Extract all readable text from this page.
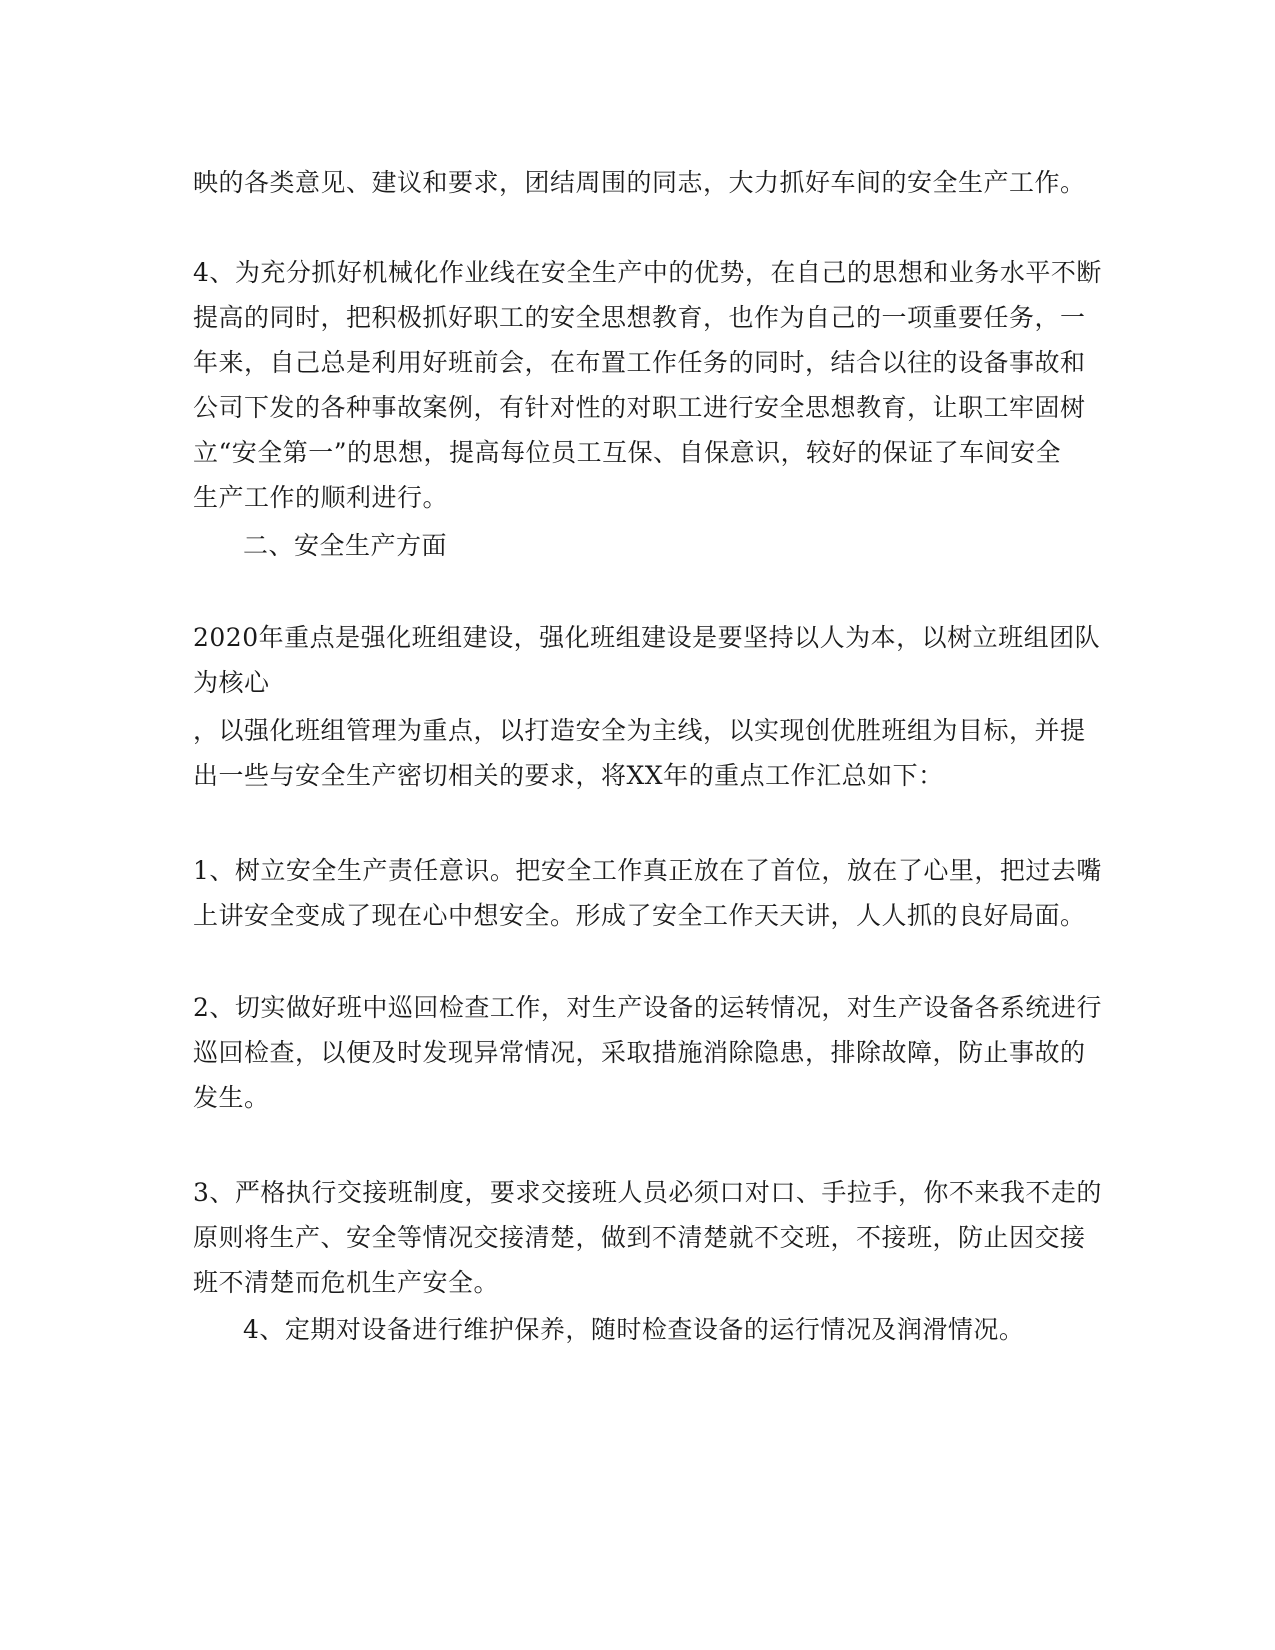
映的各类意见、建议和要求，团结周围的同志，大力抓好车间的安全生产工作。
4、为充分抓好机械化作业线在安全生产中的优势，在自己的思想和业务水平不断
提高的同时，把积极抓好职工的安全思想教育，也作为自己的一项重要任务，一
年来，自己总是利用好班前会，在布置工作任务的同时，结合以往的设备事故和
公司下发的各种事故案例，有针对性的对职工进行安全思想教育，让职工牢固树
立“安全第一”的思想，提高每位员工互保、自保意识，较好的保证了车间安全
生产工作的顺利进行。
二、安全生产方面
2020年重点是强化班组建设，强化班组建设是要坚持以人为本，以树立班组团队
为核心
，以强化班组管理为重点，以打造安全为主线，以实现创优胜班组为目标，并提
出一些与安全生产密切相关的要求，将XX年的重点工作汇总如下：
1、树立安全生产责任意识。把安全工作真正放在了首位，放在了心里，把过去嘴
上讲安全变成了现在心中想安全。形成了安全工作天天讲，人人抓的良好局面。
2、切实做好班中巡回检查工作，对生产设备的运转情况，对生产设备各系统进行
巡回检查，以便及时发现异常情况，采取措施消除隐患，排除故障，防止事故的
发生。
3、严格执行交接班制度，要求交接班人员必须口对口、手拉手，你不来我不走的
原则将生产、安全等情况交接清楚，做到不清楚就不交班，不接班，防止因交接
班不清楚而危机生产安全。
4、定期对设备进行维护保养，随时检查设备的运行情况及润滑情况。
